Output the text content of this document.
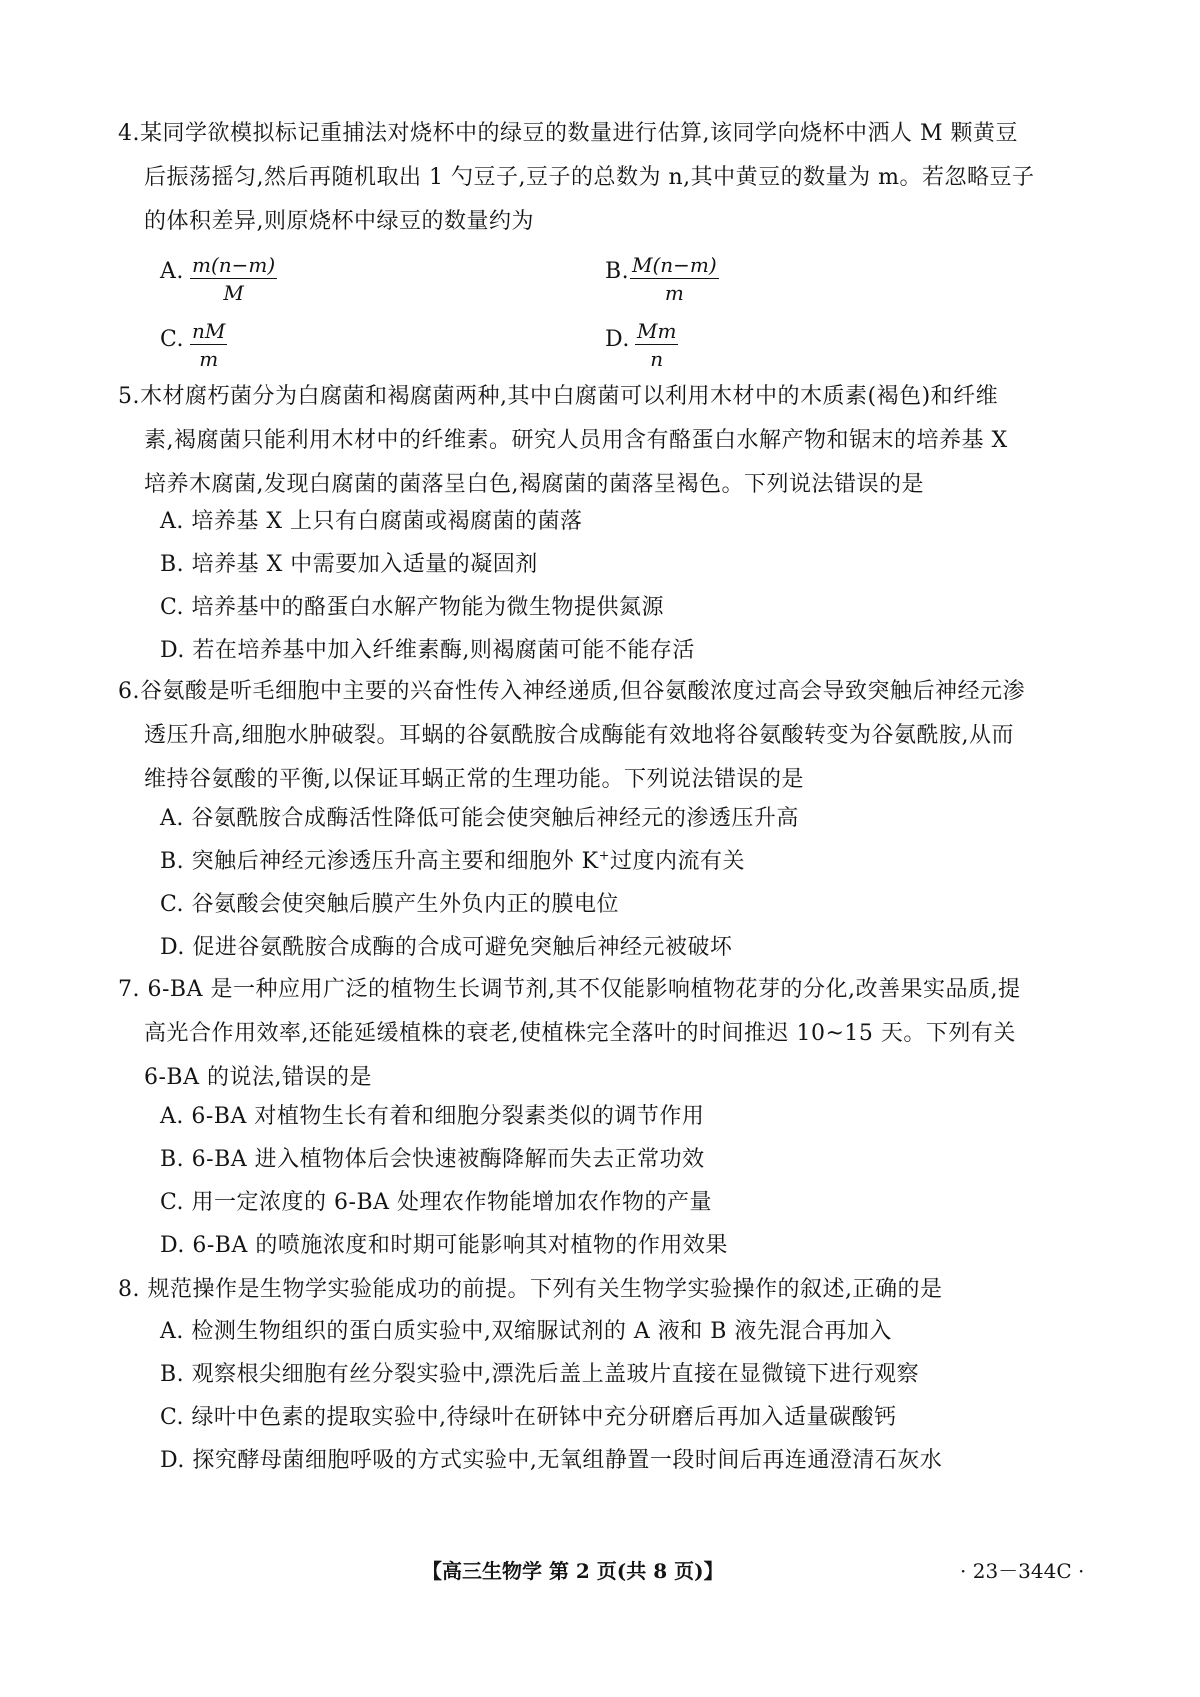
4.某同学欲模拟标记重捕法对烧杯中的绿豆的数量进行估算,该同学向烧杯中洒人 M 颗黄豆
后振荡摇匀,然后再随机取出 1 勺豆子,豆子的总数为 n,其中黄豆的数量为 m。若忽略豆子
的体积差异,则原烧杯中绿豆的数量约为
A. $\frac{m(n-m)}{M}$	B. $\frac{M(n-m)}{m}$
C. $\frac{nM}{m}$	D. $\frac{Mm}{n}$
5.木材腐朽菌分为白腐菌和褐腐菌两种,其中白腐菌可以利用木材中的木质素(褐色)和纤维
素,褐腐菌只能利用木材中的纤维素。研究人员用含有酪蛋白水解产物和锯末的培养基 X
培养木腐菌,发现白腐菌的菌落呈白色,褐腐菌的菌落呈褐色。下列说法错误的是
A. 培养基 X 上只有白腐菌或褐腐菌的菌落
B. 培养基 X 中需要加入适量的凝固剂
C. 培养基中的酪蛋白水解产物能为微生物提供氮源
D. 若在培养基中加入纤维素酶,则褐腐菌可能不能存活
6.谷氨酸是听毛细胞中主要的兴奋性传入神经递质,但谷氨酸浓度过高会导致突触后神经元渗
透压升高,细胞水肿破裂。耳蜗的谷氨酰胺合成酶能有效地将谷氨酸转变为谷氨酰胺,从而
维持谷氨酸的平衡,以保证耳蜗正常的生理功能。下列说法错误的是
A. 谷氨酰胺合成酶活性降低可能会使突触后神经元的渗透压升高
B. 突触后神经元渗透压升高主要和细胞外 K+过度内流有关
C. 谷氨酸会使突触后膜产生外负内正的膜电位
D. 促进谷氨酰胺合成酶的合成可避免突触后神经元被破坏
7. 6-BA 是一种应用广泛的植物生长调节剂,其不仅能影响植物花芽的分化,改善果实品质,提
高光合作用效率,还能延缓植株的衰老,使植株完全落叶的时间推迟 10~15 天。下列有关
6-BA 的说法,错误的是
A. 6-BA 对植物生长有着和细胞分裂素类似的调节作用
B. 6-BA 进入植物体后会快速被酶降解而失去正常功效
C. 用一定浓度的 6-BA 处理农作物能增加农作物的产量
D. 6-BA 的喷施浓度和时期可能影响其对植物的作用效果
8. 规范操作是生物学实验能成功的前提。下列有关生物学实验操作的叙述,正确的是
A. 检测生物组织的蛋白质实验中,双缩脲试剂的 A 液和 B 液先混合再加入
B. 观察根尖细胞有丝分裂实验中,漂洗后盖上盖玻片直接在显微镜下进行观察
C. 绿叶中色素的提取实验中,待绿叶在研钵中充分研磨后再加入适量碳酸钙
D. 探究酵母菌细胞呼吸的方式实验中,无氧组静置一段时间后再连通澄清石灰水
【高三生物学 第 2 页(共 8 页)】	· 23－344C ·
